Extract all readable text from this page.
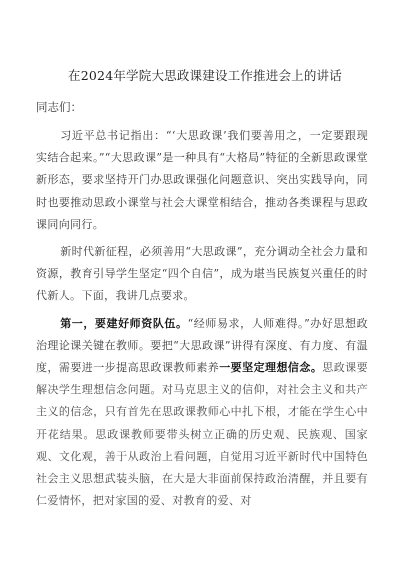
在2024年学院大思政课建设工作推进会上的讲话

同志们：

习近平总书记指出：“‘大思政课’我们要善用之，一定要跟现实结合起来。”“大思政课”是一种具有“大格局”特征的全新思政课堂新形态，要求坚持开门办思政课强化问题意识、突出实践导向，同时也要推动思政小课堂与社会大课堂相结合，推动各类课程与思政课同向同行。

新时代新征程，必须善用“大思政课”，充分调动全社会力量和资源，教育引导学生坚定“四个自信”，成为堪当民族复兴重任的时代新人。下面，我讲几点要求。

第一，要建好师资队伍。“经师易求，人师难得。”办好思想政治理论课关键在教师。要把“大思政课”讲得有深度、有力度、有温度，需要进一步提高思政课教师素养一要坚定理想信念。思政课要解决学生理想信念问题。对马克思主义的信仰，对社会主义和共产主义的信念，只有首先在思政课教师心中扎下根，才能在学生心中开花结果。思政课教师要带头树立正确的历史观、民族观、国家观、文化观，善于从政治上看问题，自觉用习近平新时代中国特色社会主义思想武装头脑，在大是大非面前保持政治清醒，并且要有仁爱情怀，把对家国的爱、对教育的爱、对
